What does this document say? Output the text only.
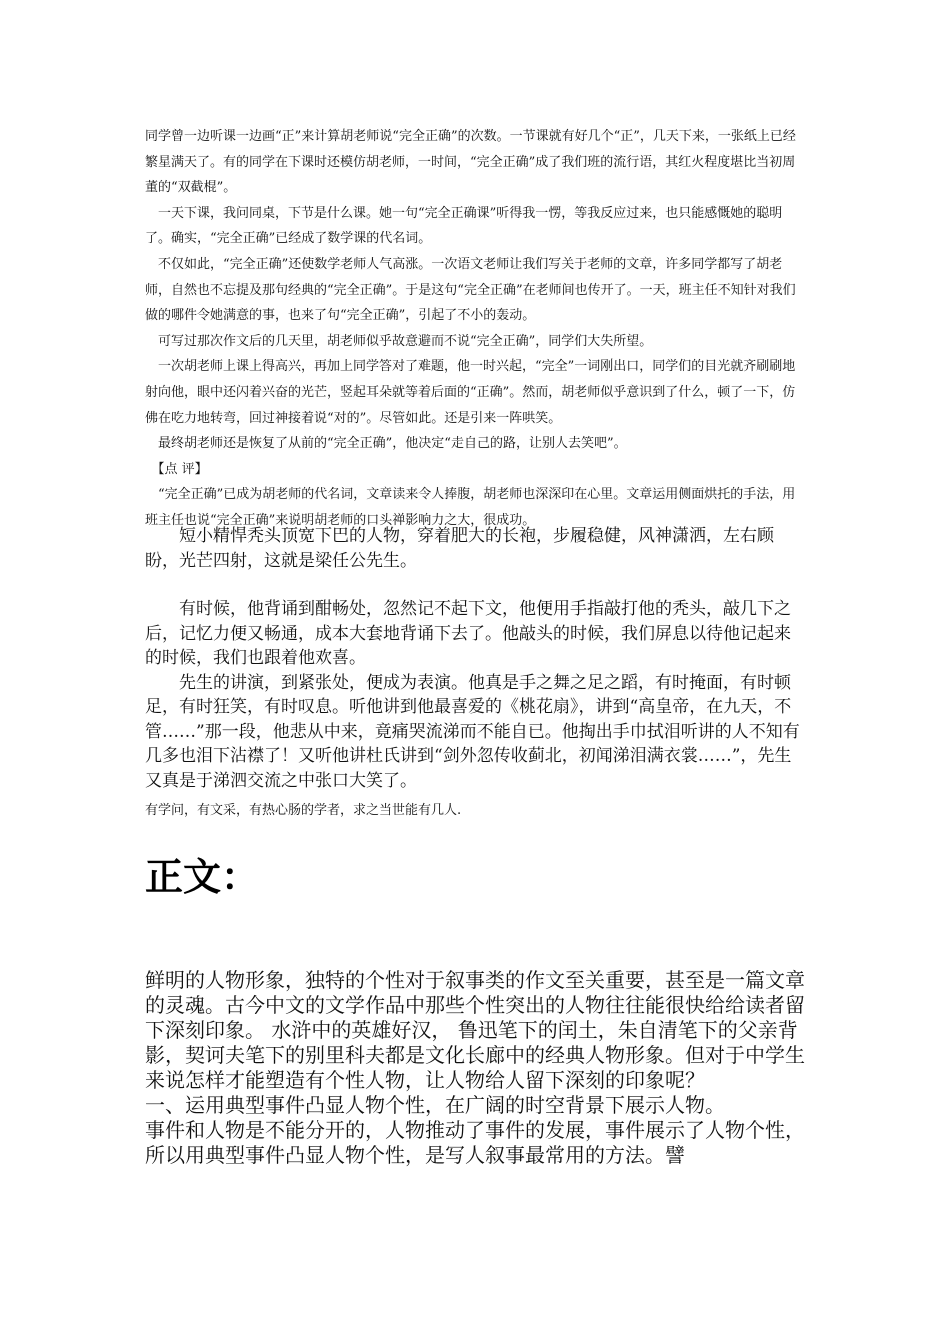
同学曾一边听课一边画“正”来计算胡老师说“完全正确”的次数。一节课就有好几个“正”，几天下来，一张纸上已经繁星满天了。有的同学在下课时还模仿胡老师，一时间，“完全正确”成了我们班的流行语，其红火程度堪比当初周董的“双截棍”。

　一天下课，我问同桌，下节是什么课。她一句“完全正确课”听得我一愣，等我反应过来，也只能感慨她的聪明了。确实，“完全正确”已经成了数学课的代名词。

　不仅如此，“完全正确”还使数学老师人气高涨。一次语文老师让我们写关于老师的文章，许多同学都写了胡老师，自然也不忘提及那句经典的“完全正确”。于是这句“完全正确”在老师间也传开了。一天，班主任不知针对我们做的哪件令她满意的事，也来了句“完全正确”，引起了不小的轰动。

　可写过那次作文后的几天里，胡老师似乎故意避而不说“完全正确”，同学们大失所望。

　一次胡老师上课上得高兴，再加上同学答对了难题，他一时兴起，“完全”一词刚出口，同学们的目光就齐刷刷地射向他，眼中还闪着兴奋的光芒，竖起耳朵就等着后面的“正确”。然而，胡老师似乎意识到了什么，顿了一下，仿佛在吃力地转弯，回过神接着说“对的”。尽管如此。还是引来一阵哄笑。

　最终胡老师还是恢复了从前的“完全正确”，他决定“走自己的路，让别人去笑吧”。

　【点 评】

　“完全正确”已成为胡老师的代名词，文章读来令人捧腹，胡老师也深深印在心里。文章运用侧面烘托的手法，用班主任也说“完全正确”来说明胡老师的口头禅影响力之大，很成功。

　　短小精悍秃头顶宽下巴的人物，穿着肥大的长袍，步履稳健，风神潇洒，左右顾盼，光芒四射，这就是梁任公先生。

　　有时候，他背诵到酣畅处，忽然记不起下文，他便用手指敲打他的秃头，敲几下之后，记忆力便又畅通，成本大套地背诵下去了。他敲头的时候，我们屏息以待他记起来的时候，我们也跟着他欢喜。

　　先生的讲演，到紧张处，便成为表演。他真是手之舞之足之蹈，有时掩面，有时顿足，有时狂笑，有时叹息。听他讲到他最喜爱的《桃花扇》，讲到“高皇帝，在九天，不管……”那一段，他悲从中来，竟痛哭流涕而不能自已。他掏出手巾拭泪听讲的人不知有几多也泪下沾襟了！又听他讲杜氏讲到“剑外忽传收蓟北，初闻涕泪满衣裳……”，先生又真是于涕泗交流之中张口大笑了。

有学问，有文采，有热心肠的学者，求之当世能有几人.

正文：

鲜明的人物形象，独特的个性对于叙事类的作文至关重要，甚至是一篇文章的灵魂。古今中文的文学作品中那些个性突出的人物往往能很快给给读者留下深刻印象。 水浒中的英雄好汉， 鲁迅笔下的闰土，朱自清笔下的父亲背影，契诃夫笔下的别里科夫都是文化长廊中的经典人物形象。但对于中学生来说怎样才能塑造有个性人物，让人物给人留下深刻的印象呢？

一、运用典型事件凸显人物个性，在广阔的时空背景下展示人物。

事件和人物是不能分开的，人物推动了事件的发展，事件展示了人物个性，所以用典型事件凸显人物个性，是写人叙事最常用的方法。譬
